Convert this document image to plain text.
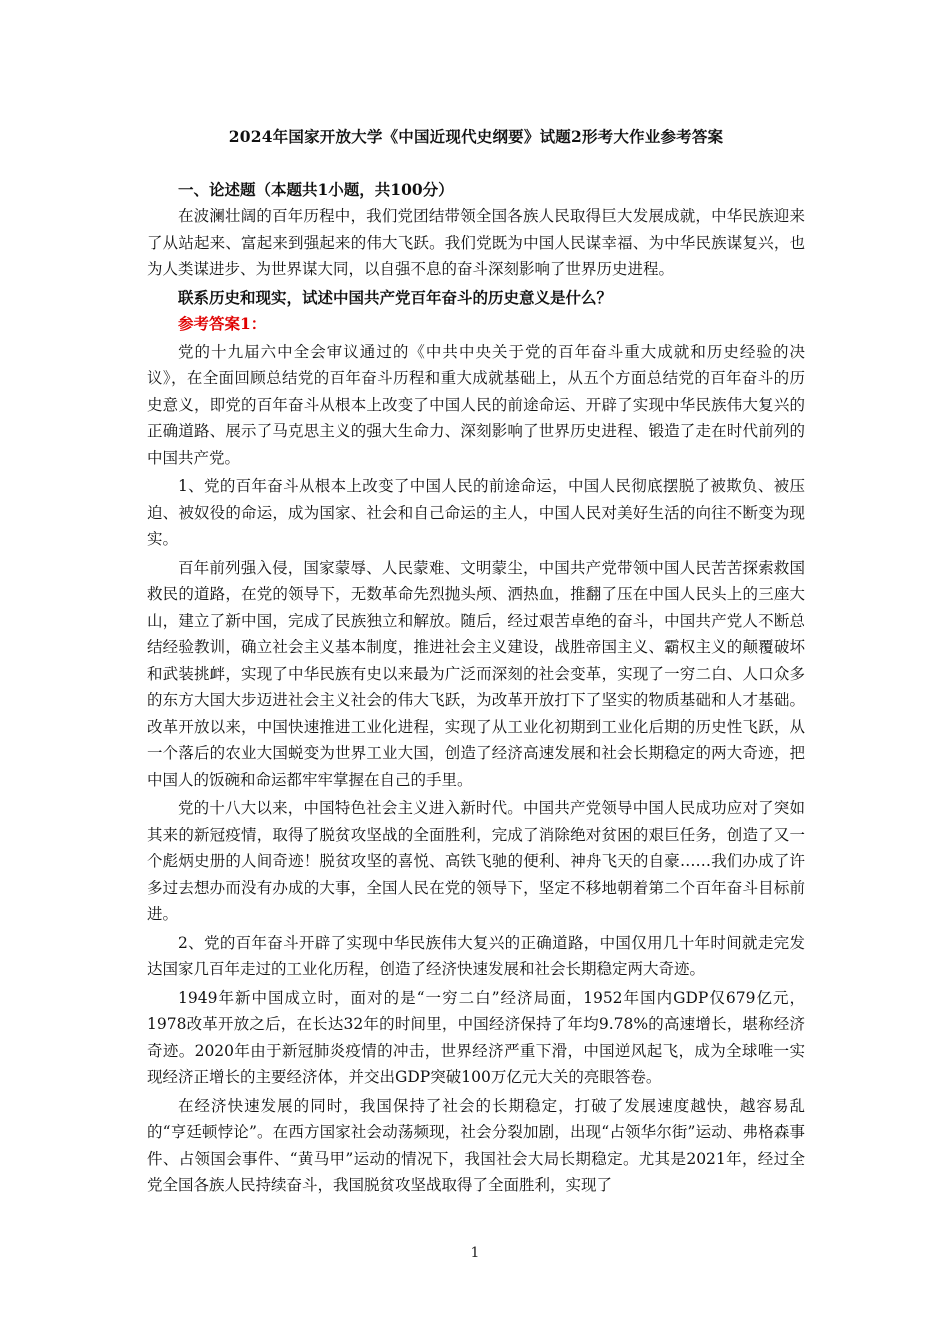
2024年国家开放大学《中国近现代史纲要》试题2形考大作业参考答案
一、论述题（本题共1小题，共100分）

在波澜壮阔的百年历程中，我们党团结带领全国各族人民取得巨大发展成就，中华民族迎来了从站起来、富起来到强起来的伟大飞跃。我们党既为中国人民谋幸福、为中华民族谋复兴，也为人类谋进步、为世界谋大同，以自强不息的奋斗深刻影响了世界历史进程。

联系历史和现实，试述中国共产党百年奋斗的历史意义是什么？
参考答案1：

党的十九届六中全会审议通过的《中共中央关于党的百年奋斗重大成就和历史经验的决议》，在全面回顾总结党的百年奋斗历程和重大成就基础上，从五个方面总结党的百年奋斗的历史意义，即党的百年奋斗从根本上改变了中国人民的前途命运、开辟了实现中华民族伟大复兴的正确道路、展示了马克思主义的强大生命力、深刻影响了世界历史进程、锻造了走在时代前列的中国共产党。

1、党的百年奋斗从根本上改变了中国人民的前途命运，中国人民彻底摆脱了被欺负、被压迫、被奴役的命运，成为国家、社会和自己命运的主人，中国人民对美好生活的向往不断变为现实。

百年前列强入侵，国家蒙辱、人民蒙难、文明蒙尘，中国共产党带领中国人民苦苦探索救国救民的道路，在党的领导下，无数革命先烈抛头颅、洒热血，推翻了压在中国人民头上的三座大山，建立了新中国，完成了民族独立和解放。随后，经过艰苦卓绝的奋斗，中国共产党人不断总结经验教训，确立社会主义基本制度，推进社会主义建设，战胜帝国主义、霸权主义的颠覆破坏和武装挑衅，实现了中华民族有史以来最为广泛而深刻的社会变革，实现了一穷二白、人口众多的东方大国大步迈进社会主义社会的伟大飞跃，为改革开放打下了坚实的物质基础和人才基础。改革开放以来，中国快速推进工业化进程，实现了从工业化初期到工业化后期的历史性飞跃，从一个落后的农业大国蜕变为世界工业大国，创造了经济高速发展和社会长期稳定的两大奇迹，把中国人的饭碗和命运都牢牢掌握在自己的手里。

党的十八大以来，中国特色社会主义进入新时代。中国共产党领导中国人民成功应对了突如其来的新冠疫情，取得了脱贫攻坚战的全面胜利，完成了消除绝对贫困的艰巨任务，创造了又一个彪炳史册的人间奇迹！脱贫攻坚的喜悦、高铁飞驰的便利、神舟飞天的自豪……我们办成了许多过去想办而没有办成的大事，全国人民在党的领导下，坚定不移地朝着第二个百年奋斗目标前进。

2、党的百年奋斗开辟了实现中华民族伟大复兴的正确道路，中国仅用几十年时间就走完发达国家几百年走过的工业化历程，创造了经济快速发展和社会长期稳定两大奇迹。

1949年新中国成立时，面对的是“一穷二白”经济局面，1952年国内GDP仅679亿元，1978改革开放之后，在长达32年的时间里，中国经济保持了年均9.78%的高速增长，堪称经济奇迹。2020年由于新冠肺炎疫情的冲击，世界经济严重下滑，中国逆风起飞，成为全球唯一实现经济正增长的主要经济体，并交出GDP突破100万亿元大关的亮眼答卷。

在经济快速发展的同时，我国保持了社会的长期稳定，打破了发展速度越快，越容易乱的“亨廷顿悖论”。在西方国家社会动荡频现，社会分裂加剧，出现“占领华尔街”运动、弗格森事件、占领国会事件、“黄马甲”运动的情况下，我国社会大局长期稳定。尤其是2021年，经过全党全国各族人民持续奋斗，我国脱贫攻坚战取得了全面胜利，实现了

1
